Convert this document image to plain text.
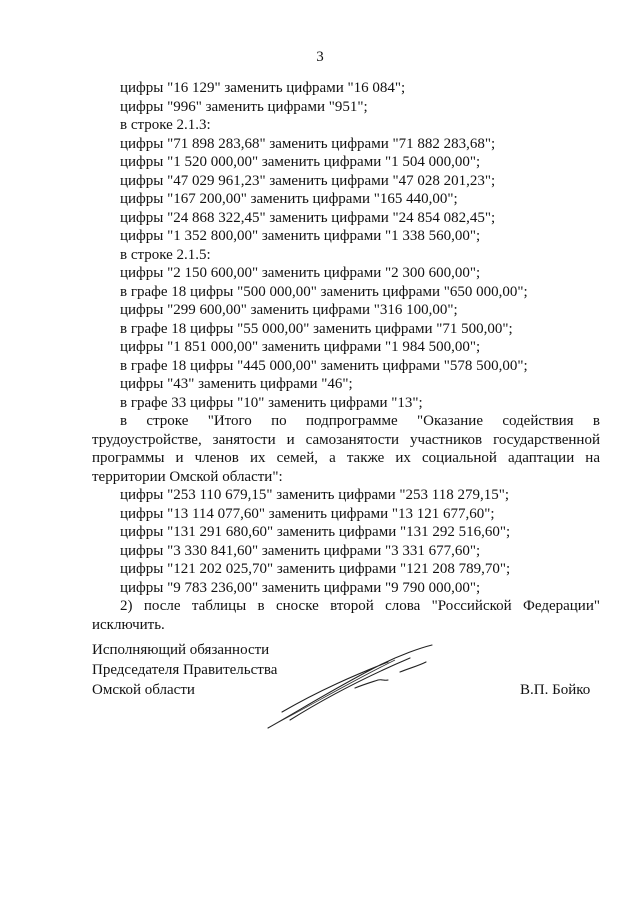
3
цифры "16 129" заменить цифрами "16 084";
цифры "996" заменить цифрами "951";
в строке 2.1.3:
цифры "71 898 283,68" заменить цифрами "71 882 283,68";
цифры "1 520 000,00" заменить цифрами "1 504 000,00";
цифры "47 029 961,23" заменить цифрами "47 028 201,23";
цифры "167 200,00" заменить цифрами "165 440,00";
цифры "24 868 322,45" заменить цифрами "24 854 082,45";
цифры "1 352 800,00" заменить цифрами "1 338 560,00";
в строке 2.1.5:
цифры "2 150 600,00" заменить цифрами "2 300 600,00";
в графе 18 цифры "500 000,00" заменить цифрами "650 000,00";
цифры "299 600,00" заменить цифрами "316 100,00";
в графе 18 цифры "55 000,00" заменить цифрами "71 500,00";
цифры "1 851 000,00" заменить цифрами "1 984 500,00";
в графе 18 цифры "445 000,00" заменить цифрами "578 500,00";
цифры "43" заменить цифрами "46";
в графе 33 цифры "10" заменить цифрами "13";
в строке "Итого по подпрограмме "Оказание содействия в трудоустройстве, занятости и самозанятости участников государственной программы и членов их семей, а также их социальной адаптации на территории Омской области":
цифры "253 110 679,15" заменить цифрами "253 118 279,15";
цифры "13 114 077,60" заменить цифрами "13 121 677,60";
цифры "131 291 680,60" заменить цифрами "131 292 516,60";
цифры "3 330 841,60" заменить цифрами "3 331 677,60";
цифры "121 202 025,70" заменить цифрами "121 208 789,70";
цифры "9 783 236,00" заменить цифрами "9 790 000,00";
2) после таблицы в сноске второй слова "Российской Федерации" исключить.
Исполняющий обязанности
Председателя Правительства
Омской области	В.П. Бойко
